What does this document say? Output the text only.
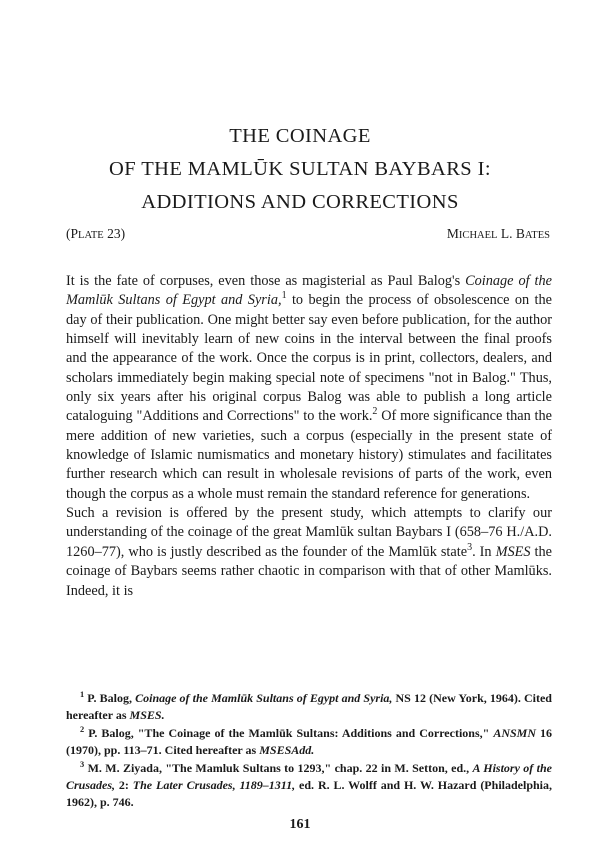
THE COINAGE
OF THE MAMLŪK SULTAN BAYBARS I:
ADDITIONS AND CORRECTIONS
(PLATE 23)	MICHAEL L. BATES

It is the fate of corpuses, even those as magisterial as Paul Balog's Coinage of the Mamlūk Sultans of Egypt and Syria,$^1$ to begin the process of obsolescence on the day of their publication. One might better say even before publication, for the author himself will inevitably learn of new coins in the interval between the final proofs and the appearance of the work. Once the corpus is in print, collectors, dealers, and scholars immediately begin making special note of specimens "not in Balog." Thus, only six years after his original corpus Balog was able to publish a long article cataloguing "Additions and Corrections" to the work.$^2$ Of more significance than the mere addition of new varieties, such a corpus (especially in the present state of knowledge of Islamic numismatics and monetary history) stimulates and facilitates further research which can result in wholesale revisions of parts of the work, even though the corpus as a whole must remain the standard reference for generations.

Such a revision is offered by the present study, which attempts to clarify our understanding of the coinage of the great Mamlūk sultan Baybars I (658–76 H./A.D. 1260–77), who is justly described as the founder of the Mamlūk state$^3$. In MSES the coinage of Baybars seems rather chaotic in comparison with that of other Mamlūks. Indeed, it is

$^1$ P. Balog, Coinage of the Mamlūk Sultans of Egypt and Syria, NS 12 (New York, 1964). Cited hereafter as MSES.

$^2$ P. Balog, "The Coinage of the Mamlūk Sultans: Additions and Corrections," ANSMN 16 (1970), pp. 113–71. Cited hereafter as MSESAdd.

$^3$ M. M. Ziyada, "The Mamluk Sultans to 1293," chap. 22 in M. Setton, ed., A History of the Crusades, 2: The Later Crusades, 1189–1311, ed. R. L. Wolff and H. W. Hazard (Philadelphia, 1962), p. 746.

161
